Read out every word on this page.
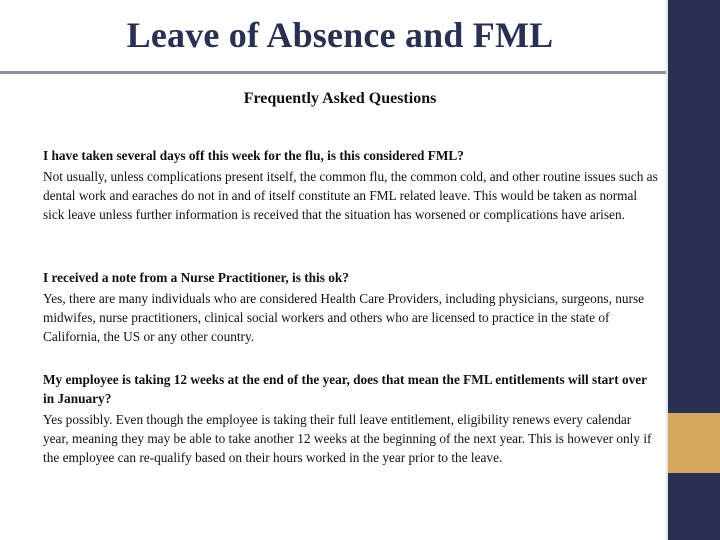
Leave of Absence and FML
Frequently Asked Questions

I have taken several days off this week for the flu, is this considered FML?

Not usually, unless complications present itself, the common flu, the common cold, and other routine issues such as dental work and earaches do not in and of itself constitute an FML related leave. This would be taken as normal sick leave unless further information is received that the situation has worsened or complications have arisen.

I received a note from a Nurse Practitioner, is this ok?

Yes, there are many individuals who are considered Health Care Providers, including physicians, surgeons, nurse midwifes, nurse practitioners, clinical social workers and others who are licensed to practice in the state of California, the US or any other country.

My employee is taking 12 weeks at the end of the year, does that mean the FML entitlements will start over in January?

Yes possibly. Even though the employee is taking their full leave entitlement, eligibility renews every calendar year, meaning they may be able to take another 12 weeks at the beginning of the next year. This is however only if the employee can re-qualify based on their hours worked in the year prior to the leave.
